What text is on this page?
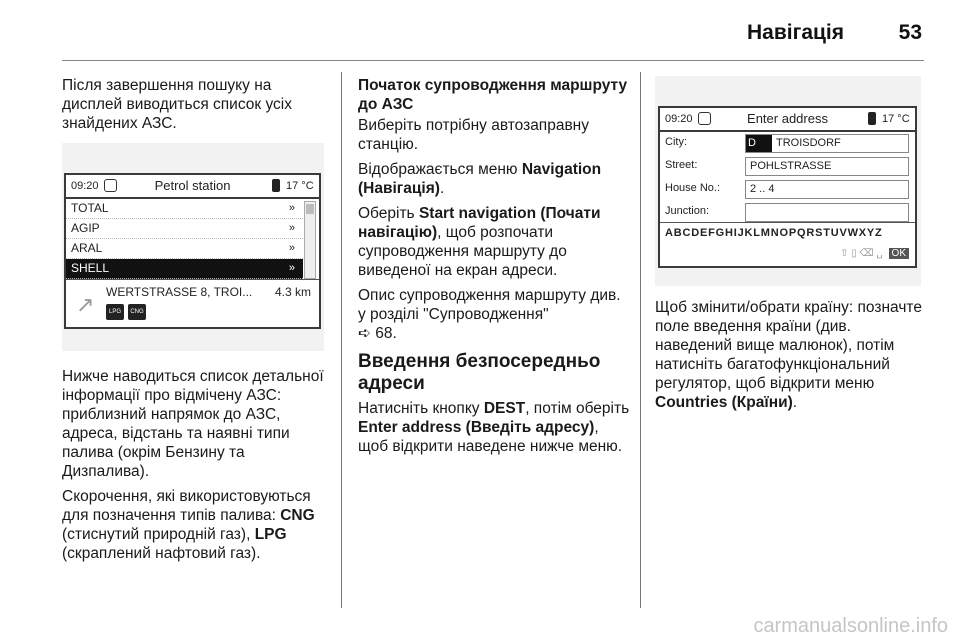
Навігація	53

Після завершення пошуку на дисплей виводиться список усіх знайдених АЗС.

09:20	Petrol station	17 °C
TOTAL	»
AGIP	»
ARAL	»
SHELL	»
↗ WERTSTRASSE 8, TROI... 4.3 km
LPG	CNG

Нижче наводиться список детальної інформації про відмічену АЗС: приблизний напрямок до АЗС, адреса, відстань та наявні типи палива (окрім Бензину та Дизпалива).

Скорочення, які використовуються для позначення типів палива: CNG (стиснутий природній газ), LPG (скраплений нафтовий газ).

Початок супроводження маршруту до АЗС

Виберіть потрібну автозаправну станцію.

Відображається меню Navigation (Навігація).

Оберіть Start navigation (Почати навігацію), щоб розпочати супроводження маршруту до виведеної на екран адреси.

Опис супроводження маршруту див. у розділі "Супроводження"
➪ 68.

Введення безпосередньо адреси

Натисніть кнопку DEST, потім оберіть Enter address (Введіть адресу), щоб відкрити наведене нижче меню.

09:20	Enter address	17 °C
City:	D TROISDORF
Street:	POHLSTRASSE
House No.:	2 .. 4
Junction:
ABCDEFGHIJKLMNOPQRSTUVWXYZ
⇧ ▯ ⌫ ␣ OK

Щоб змінити/обрати країну: позначте поле введення країни (див. наведений вище малюнок), потім натисніть багатофункціональний регулятор, щоб відкрити меню Countries (Країни).

carmanualsonline.info
